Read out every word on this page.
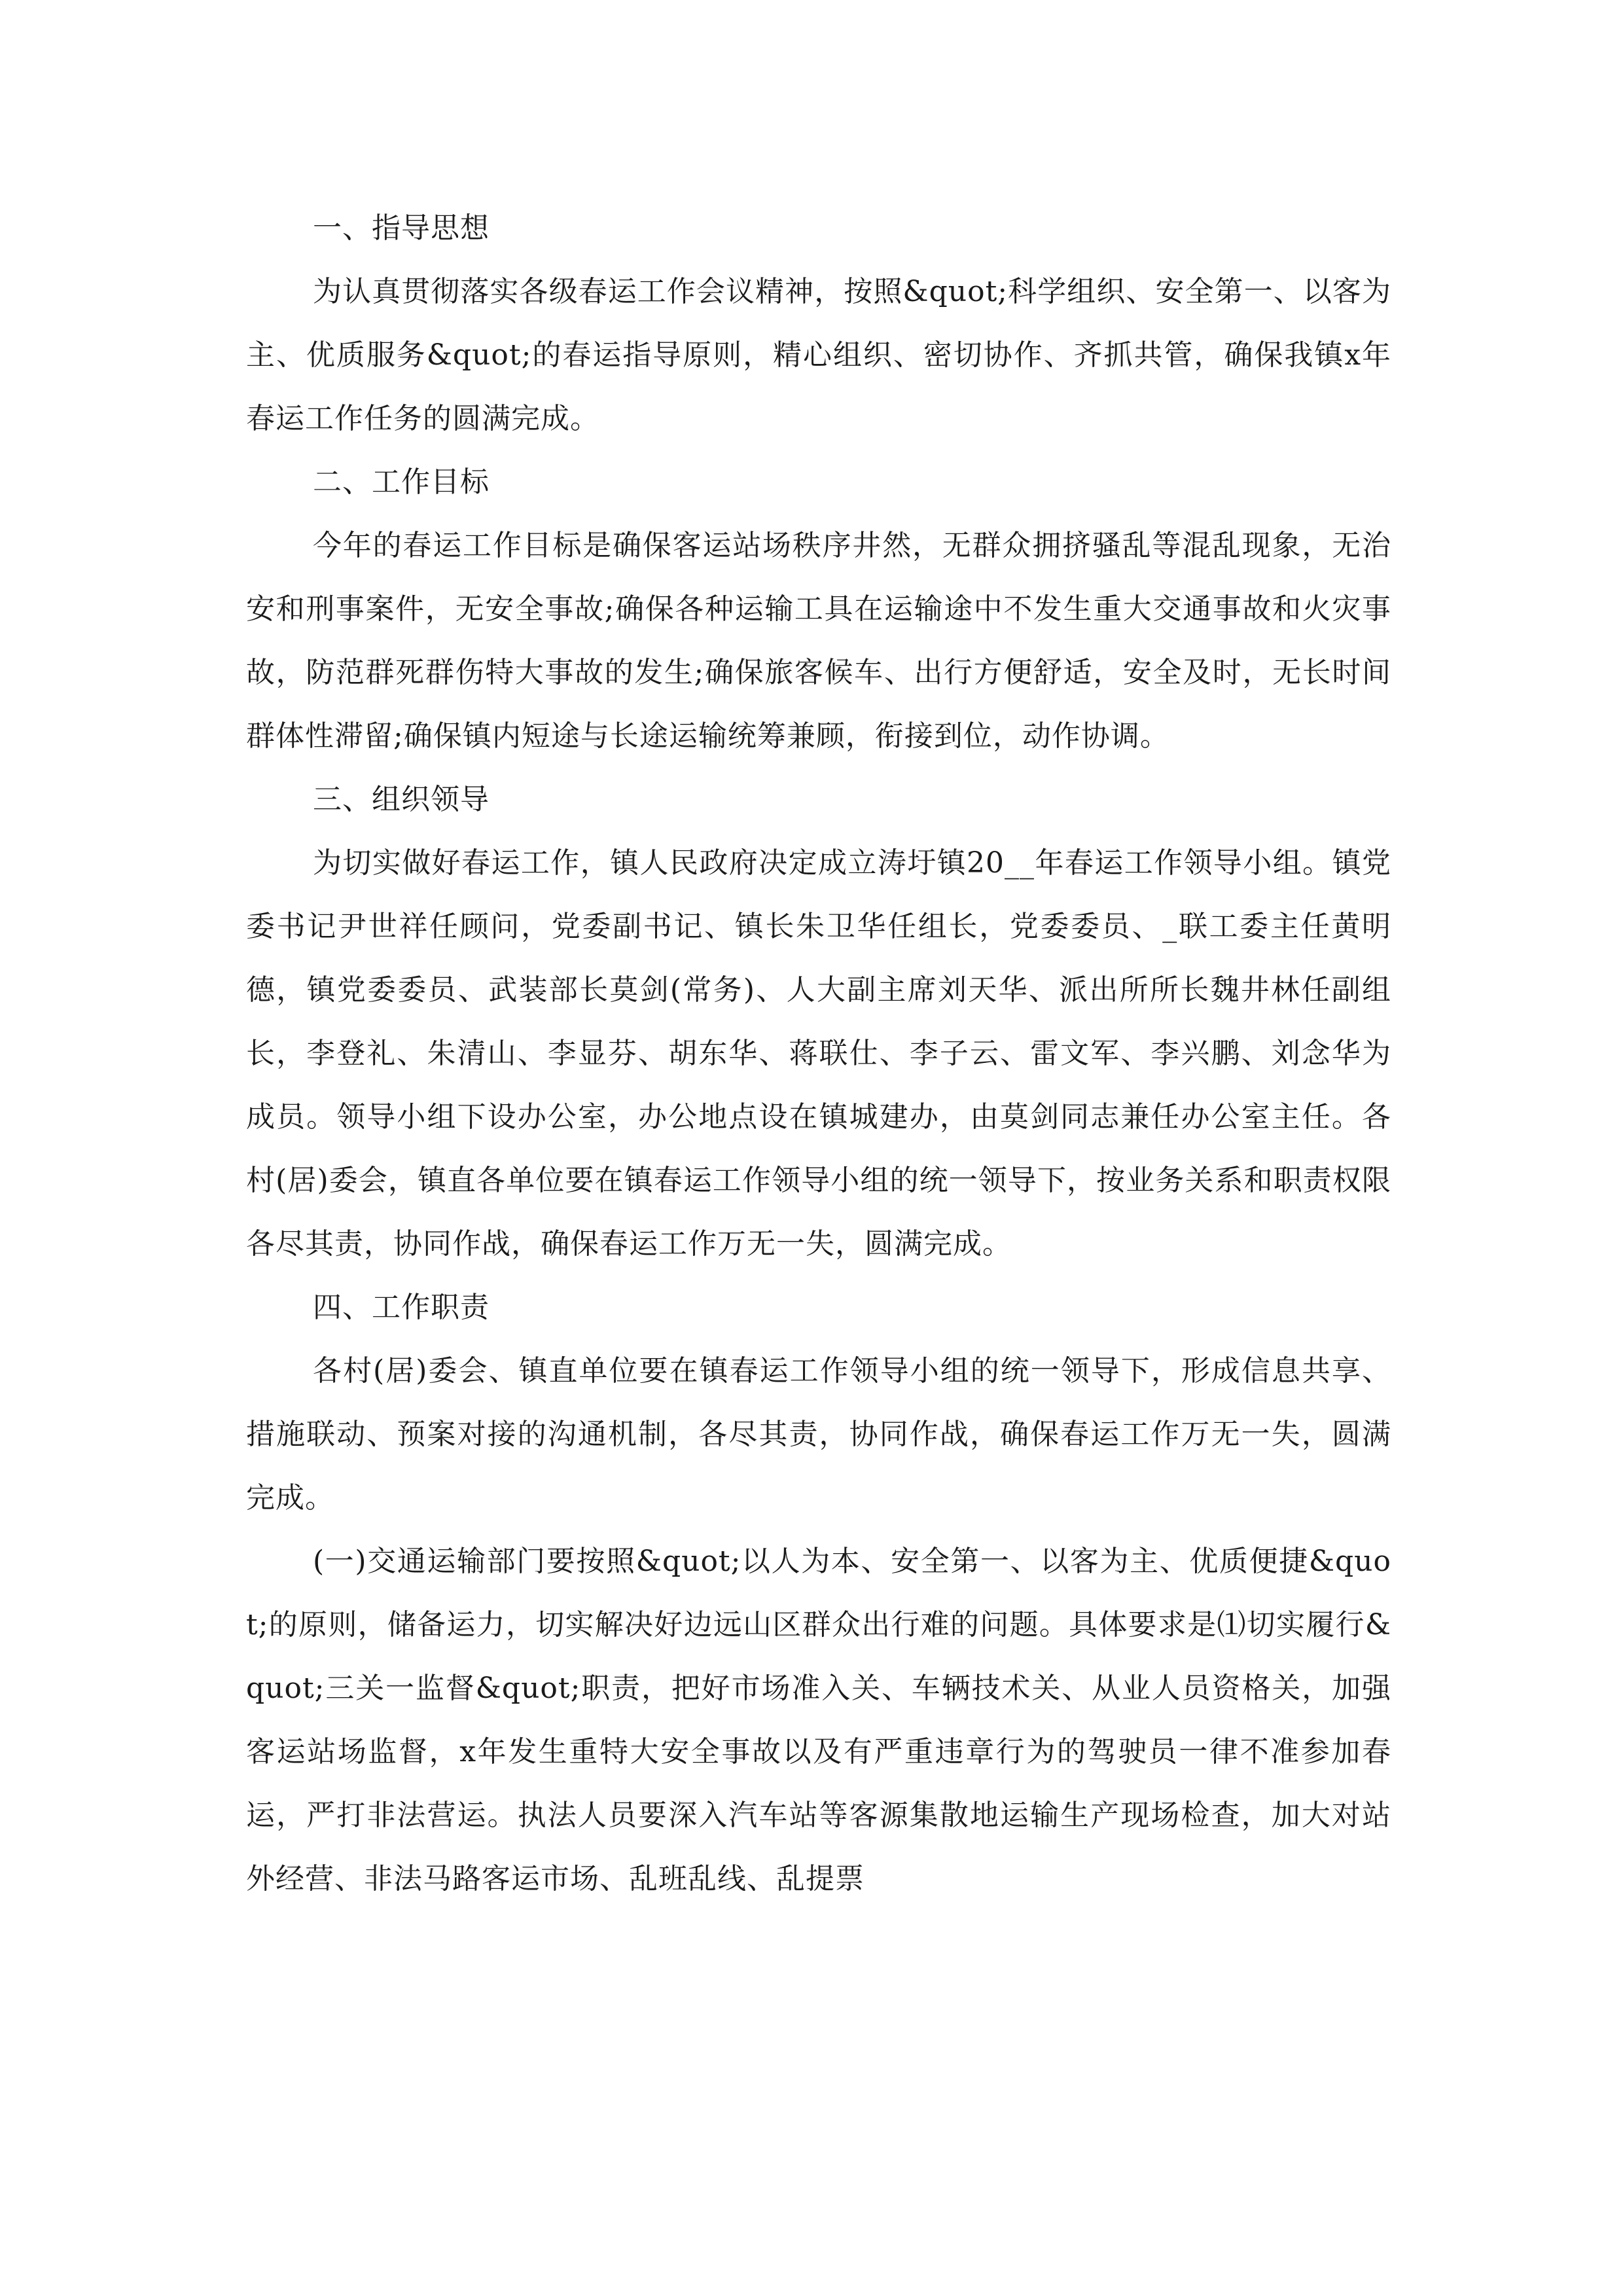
一、指导思想

为认真贯彻落实各级春运工作会议精神，按照&quot;科学组织、安全第一、以客为主、优质服务&quot;的春运指导原则，精心组织、密切协作、齐抓共管，确保我镇x年春运工作任务的圆满完成。

二、工作目标

今年的春运工作目标是确保客运站场秩序井然，无群众拥挤骚乱等混乱现象，无治安和刑事案件，无安全事故;确保各种运输工具在运输途中不发生重大交通事故和火灾事故，防范群死群伤特大事故的发生;确保旅客候车、出行方便舒适，安全及时，无长时间群体性滞留;确保镇内短途与长途运输统筹兼顾，衔接到位，动作协调。

三、组织领导

为切实做好春运工作，镇人民政府决定成立涛圩镇20__年春运工作领导小组。镇党委书记尹世祥任顾问，党委副书记、镇长朱卫华任组长，党委委员、_联工委主任黄明德，镇党委委员、武装部长莫剑(常务)、人大副主席刘天华、派出所所长魏井林任副组长，李登礼、朱清山、李显芬、胡东华、蒋联仕、李子云、雷文军、李兴鹏、刘念华为成员。领导小组下设办公室，办公地点设在镇城建办，由莫剑同志兼任办公室主任。各村(居)委会，镇直各单位要在镇春运工作领导小组的统一领导下，按业务关系和职责权限各尽其责，协同作战，确保春运工作万无一失，圆满完成。

四、工作职责

各村(居)委会、镇直单位要在镇春运工作领导小组的统一领导下，形成信息共享、措施联动、预案对接的沟通机制，各尽其责，协同作战，确保春运工作万无一失，圆满完成。

(一)交通运输部门要按照&quot;以人为本、安全第一、以客为主、优质便捷&quot;的原则，储备运力，切实解决好边远山区群众出行难的问题。具体要求是⑴切实履行&quot;三关一监督&quot;职责，把好市场准入关、车辆技术关、从业人员资格关，加强客运站场监督，x年发生重特大安全事故以及有严重违章行为的驾驶员一律不准参加春运，严打非法营运。执法人员要深入汽车站等客源集散地运输生产现场检查，加大对站外经营、非法马路客运市场、乱班乱线、乱提票
